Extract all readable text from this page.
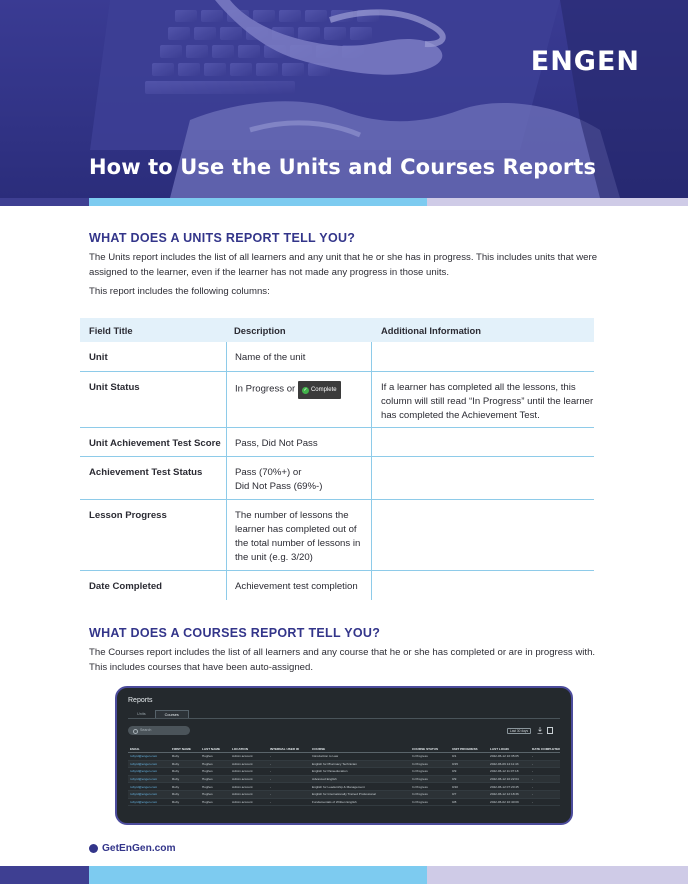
ENGEN
How to Use the Units and Courses Reports
WHAT DOES A UNITS REPORT TELL YOU?

The Units report includes the list of all learners and any unit that he or she has in progress. This includes units that were assigned to the learner, even if the learner has not made any progress in those units.

This report includes the following columns:

Field Title	Description	Additional Information
Unit	Name of the unit
Unit Status	In Progress or ✓ Complete	If a learner has completed all the lessons, this column will still read “In Progress” until the learner has completed the Achievement Test.
Unit Achievement Test Score	Pass, Did Not Pass
Achievement Test Status	Pass (70%+) or
Did Not Pass (69%-)
Lesson Progress	The number of lessons the learner has completed out of the total number of lessons in the unit (e.g. 3/20)
Date Completed	Achievement test completion
WHAT DOES A COURSES REPORT TELL YOU?

The Courses report includes the list of all learners and any course that he or she has completed or are in progress with. This includes courses that have been auto-assigned.

Reports
Units	Courses
Search	Last 30 days
EMAIL	FIRST NAME	LAST NAME	LOCATION	INTERNAL USER ID	COURSE	COURSE STATUS	UNIT PROGRESS	LAST LOGIN	DATE COMPLETED
rubyrd@engen.com	Ruby	Hughes	Admin account	-	Introduction to Law	In Progress	0/1	2022-06-12 10:35:05	-
rubyrd@engen.com	Ruby	Hughes	Admin account	-	English for Pharmacy Technician	In Progress	0/15	2022-06-09 14:11:43	-
rubyrd@engen.com	Ruby	Hughes	Admin account	-	English for Paraeducation	In Progress	0/9	2022-06-12 11:07:18	-
rubyrd@engen.com	Ruby	Hughes	Admin account	-	Advanced English	In Progress	0/9	2022-06-12 10:22:04	-
rubyrd@engen.com	Ruby	Hughes	Admin account	-	English for Leadership & Management	In Progress	0/10	2022-06-12 07:20:45	-
rubyrd@engen.com	Ruby	Hughes	Admin account	-	English for Internationally Trained Professional	In Progress	0/7	2022-06-12 12:18:36	-
rubyrd@engen.com	Ruby	Hughes	Admin account	-	Fundamentals of Written English	In Progress	0/8	2022-06-02 10:40:09	-
GetEnGen.com
